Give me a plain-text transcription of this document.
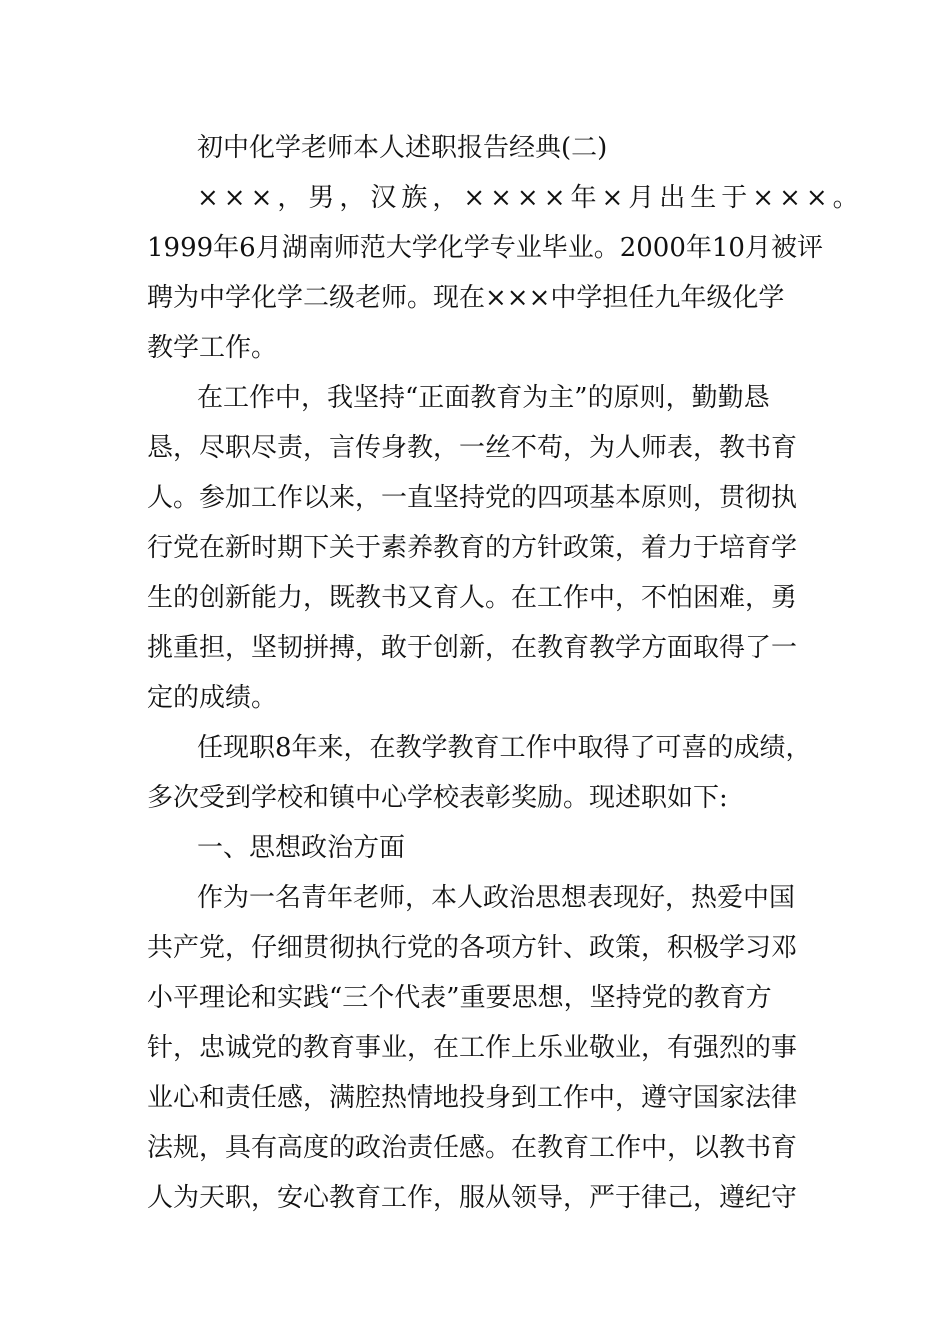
初中化学老师本人述职报告经典(二)
×××，男，汉族，××××年×月出生于×××。
1999年6月湖南师范大学化学专业毕业。2000年10月被评
聘为中学化学二级老师。现在×××中学担任九年级化学
教学工作。
在工作中，我坚持“正面教育为主”的原则，勤勤恳
恳，尽职尽责，言传身教，一丝不苟，为人师表，教书育
人。参加工作以来，一直坚持党的四项基本原则，贯彻执
行党在新时期下关于素养教育的方针政策，着力于培育学
生的创新能力，既教书又育人。在工作中，不怕困难，勇
挑重担，坚韧拼搏，敢于创新，在教育教学方面取得了一
定的成绩。
任现职8年来，在教学教育工作中取得了可喜的成绩，
多次受到学校和镇中心学校表彰奖励。现述职如下:
一、思想政治方面
作为一名青年老师，本人政治思想表现好，热爱中国
共产党，仔细贯彻执行党的各项方针、政策，积极学习邓
小平理论和实践“三个代表”重要思想，坚持党的教育方
针，忠诚党的教育事业，在工作上乐业敬业，有强烈的事
业心和责任感，满腔热情地投身到工作中，遵守国家法律
法规，具有高度的政治责任感。在教育工作中，以教书育
人为天职，安心教育工作，服从领导，严于律己，遵纪守
